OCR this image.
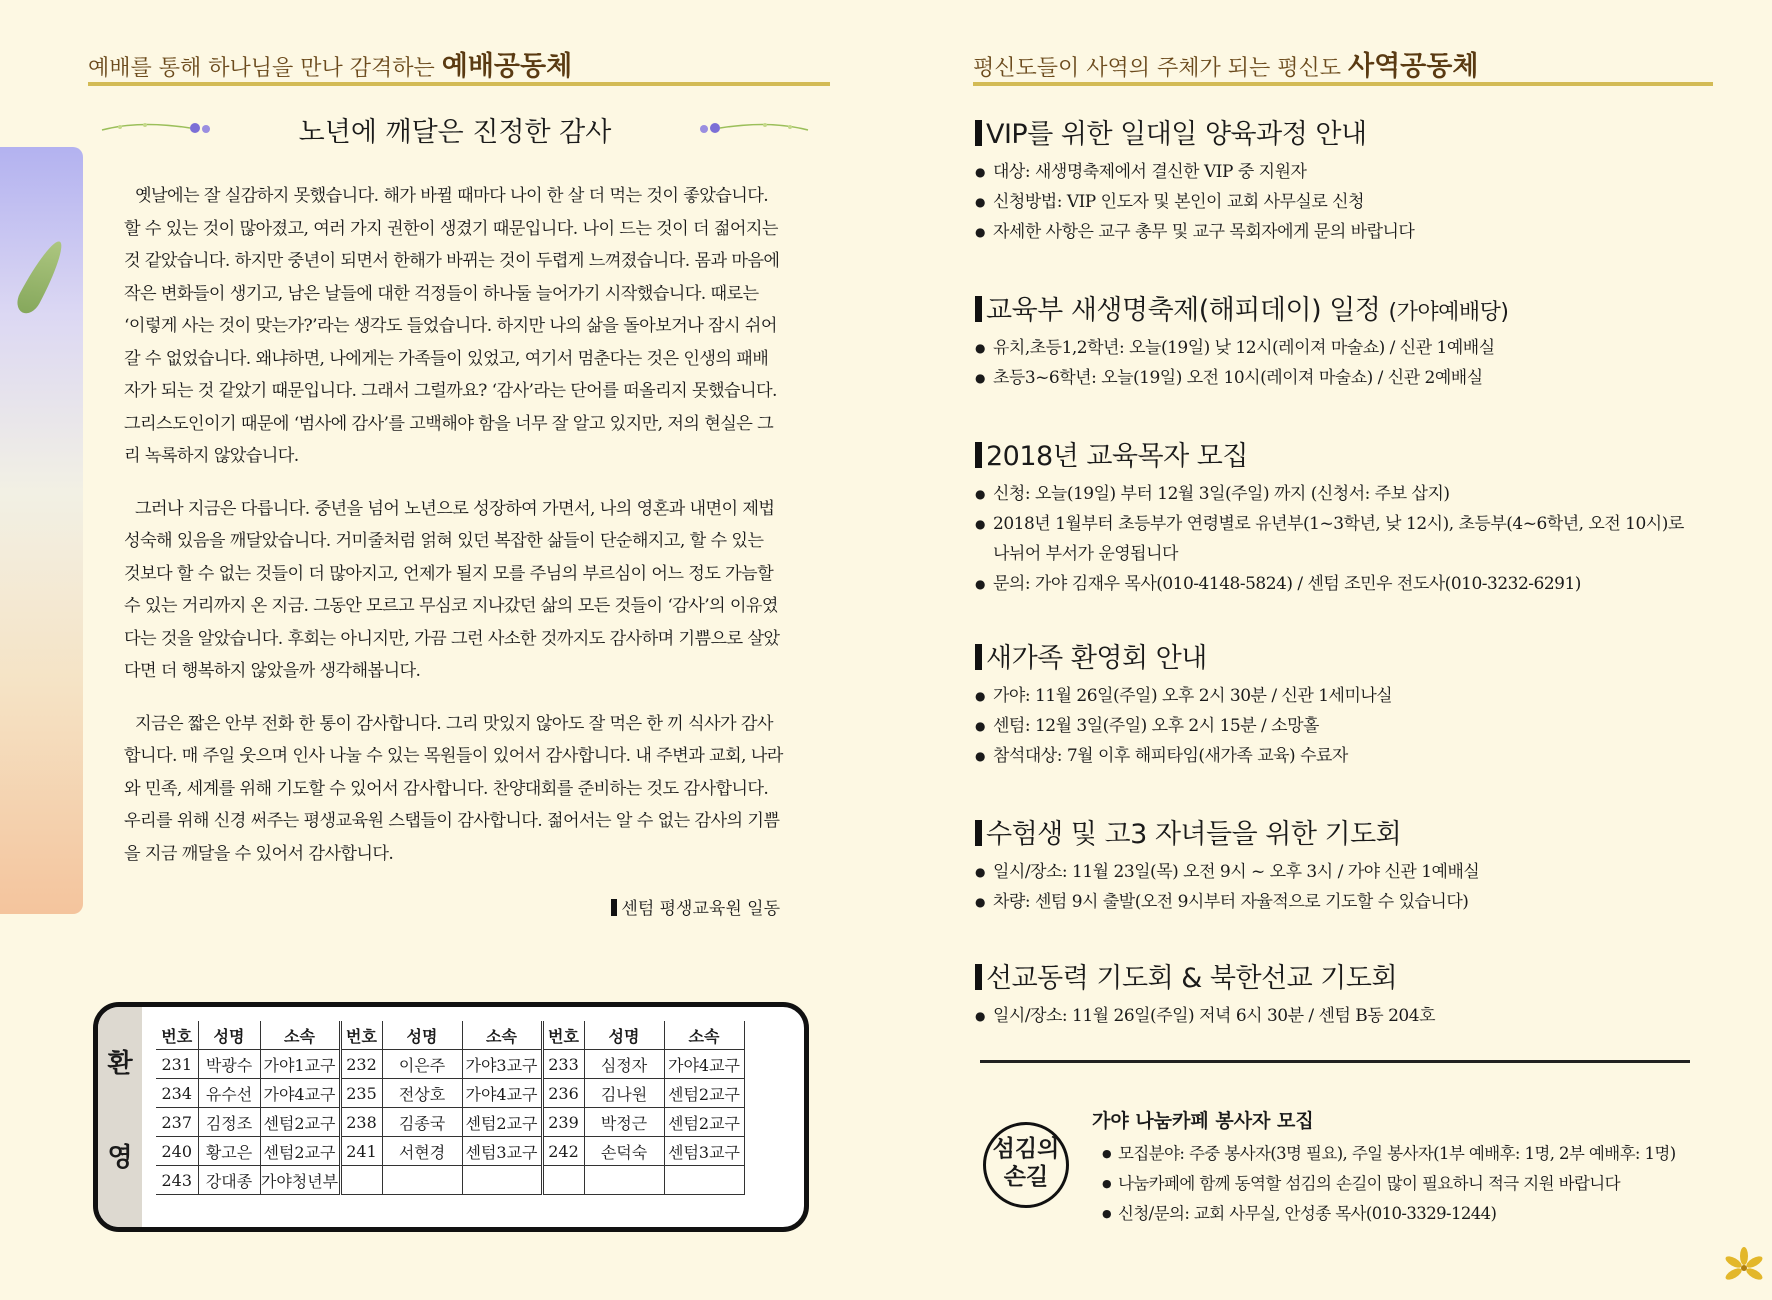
예배를 통해 하나님을 만나 감격하는 예배공동체	평신도들이 사역의 주체가 되는 평신도 사역공동체
노년에 깨달은 진정한 감사

옛날에는 잘 실감하지 못했습니다. 해가 바뀔 때마다 나이 한 살 더 먹는 것이 좋았습니다. 할 수 있는 것이 많아졌고, 여러 가지 권한이 생겼기 때문입니다. 나이 드는 것이 더 젊어지는 것 같았습니다. 하지만 중년이 되면서 한해가 바뀌는 것이 두렵게 느껴졌습니다. 몸과 마음에 작은 변화들이 생기고, 남은 날들에 대한 걱정들이 하나둘 늘어가기 시작했습니다. 때로는 ‘이렇게 사는 것이 맞는가?’라는 생각도 들었습니다. 하지만 나의 삶을 돌아보거나 잠시 쉬어 갈 수 없었습니다. 왜냐하면, 나에게는 가족들이 있었고, 여기서 멈춘다는 것은 인생의 패배자가 되는 것 같았기 때문입니다. 그래서 그럴까요? ‘감사’라는 단어를 떠올리지 못했습니다. 그리스도인이기 때문에 ‘범사에 감사’를 고백해야 함을 너무 잘 알고 있지만, 저의 현실은 그리 녹록하지 않았습니다.

그러나 지금은 다릅니다. 중년을 넘어 노년으로 성장하여 가면서, 나의 영혼과 내면이 제법 성숙해 있음을 깨달았습니다. 거미줄처럼 얽혀 있던 복잡한 삶들이 단순해지고, 할 수 있는 것보다 할 수 없는 것들이 더 많아지고, 언제가 될지 모를 주님의 부르심이 어느 정도 가늠할 수 있는 거리까지 온 지금. 그동안 모르고 무심코 지나갔던 삶의 모든 것들이 ‘감사’의 이유였다는 것을 알았습니다. 후회는 아니지만, 가끔 그런 사소한 것까지도 감사하며 기쁨으로 살았다면 더 행복하지 않았을까 생각해봅니다.

지금은 짧은 안부 전화 한 통이 감사합니다. 그리 맛있지 않아도 잘 먹은 한 끼 식사가 감사합니다. 매 주일 웃으며 인사 나눌 수 있는 목원들이 있어서 감사합니다. 내 주변과 교회, 나라와 민족, 세계를 위해 기도할 수 있어서 감사합니다. 찬양대회를 준비하는 것도 감사합니다. 우리를 위해 신경 써주는 평생교육원 스탭들이 감사합니다. 젊어서는 알 수 없는 감사의 기쁨을 지금 깨달을 수 있어서 감사합니다.

센텀 평생교육원 일동
환
영
번호	성명	소속	번호	성명	소속	번호	성명	소속
231	박광수	가야1교구	232	이은주	가야3교구	233	심정자	가야4교구
234	유수선	가야4교구	235	전상호	가야4교구	236	김나원	센텀2교구
237	김정조	센텀2교구	238	김종국	센텀2교구	239	박정근	센텀2교구
240	황고은	센텀2교구	241	서현경	센텀3교구	242	손덕숙	센텀3교구
243	강대종	가야청년부						
VIP를 위한 일대일 양육과정 안내
● 대상: 새생명축제에서 결신한 VIP 중 지원자
● 신청방법: VIP 인도자 및 본인이 교회 사무실로 신청
● 자세한 사항은 교구 총무 및 교구 목회자에게 문의 바랍니다
교육부 새생명축제(해피데이) 일정 (가야예배당)
● 유치,초등1,2학년: 오늘(19일) 낮 12시(레이져 마술쇼) / 신관 1예배실
● 초등3~6학년: 오늘(19일) 오전 10시(레이져 마술쇼) / 신관 2예배실
2018년 교육목자 모집
● 신청: 오늘(19일) 부터 12월 3일(주일) 까지 (신청서: 주보 삽지)
● 2018년 1월부터 초등부가 연령별로 유년부(1~3학년, 낮 12시), 초등부(4~6학년, 오전 10시)로
나뉘어 부서가 운영됩니다
● 문의: 가야 김재우 목사(010-4148-5824) / 센텀 조민우 전도사(010-3232-6291)
새가족 환영회 안내
● 가야: 11월 26일(주일) 오후 2시 30분 / 신관 1세미나실
● 센텀: 12월 3일(주일) 오후 2시 15분 / 소망홀
● 참석대상: 7월 이후 해피타임(새가족 교육) 수료자
수험생 및 고3 자녀들을 위한 기도회
● 일시/장소: 11월 23일(목) 오전 9시 ~ 오후 3시 / 가야 신관 1예배실
● 차량: 센텀 9시 출발(오전 9시부터 자율적으로 기도할 수 있습니다)
선교동력 기도회 & 북한선교 기도회
● 일시/장소: 11월 26일(주일) 저녁 6시 30분 / 센텀 B동 204호
섬김의
손길
가야 나눔카페 봉사자 모집
● 모집분야: 주중 봉사자(3명 필요), 주일 봉사자(1부 예배후: 1명, 2부 예배후: 1명)
● 나눔카페에 함께 동역할 섬김의 손길이 많이 필요하니 적극 지원 바랍니다
● 신청/문의: 교회 사무실, 안성종 목사(010-3329-1244)
